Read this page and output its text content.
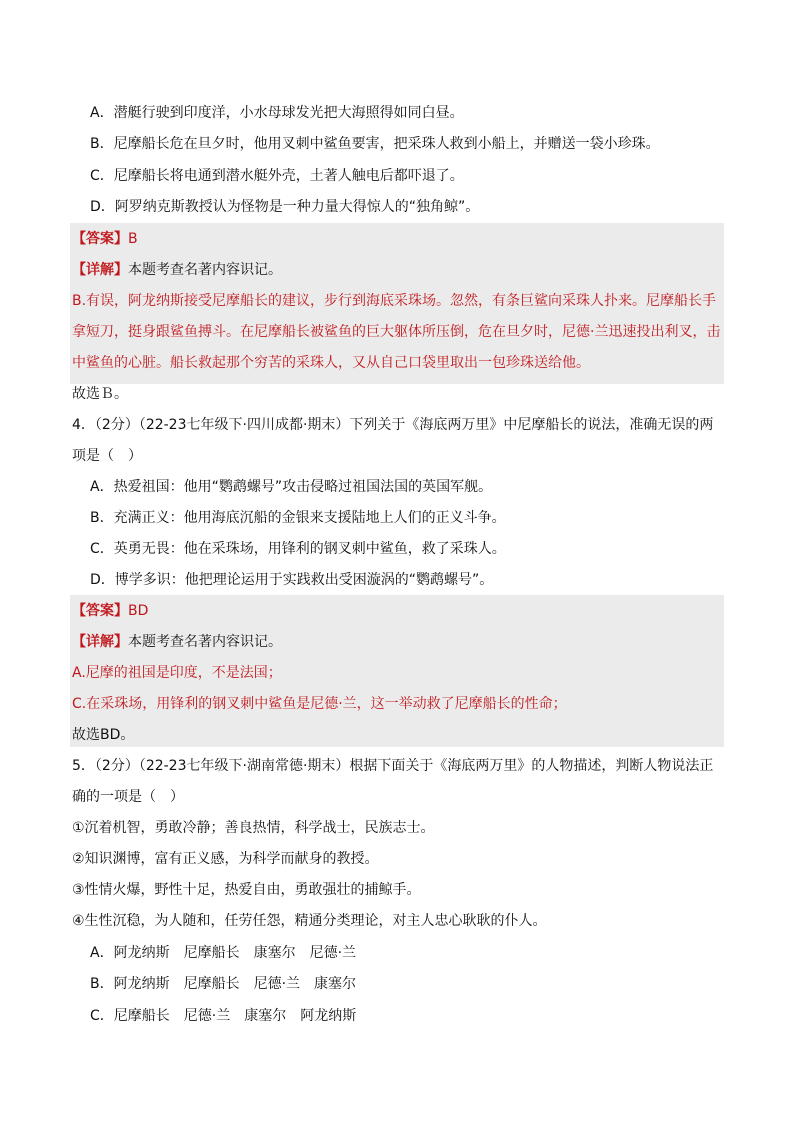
A．潜艇行驶到印度洋，小水母球发光把大海照得如同白昼。
B．尼摩船长危在旦夕时，他用叉刺中鲨鱼要害，把采珠人救到小船上，并赠送一袋小珍珠。
C．尼摩船长将电通到潜水艇外壳，土著人触电后都吓退了。
D．阿罗纳克斯教授认为怪物是一种力量大得惊人的“独角鲸”。
【答案】B
【详解】本题考查名著内容识记。
B.有误，阿龙纳斯接受尼摩船长的建议，步行到海底采珠场。忽然，有条巨鲨向采珠人扑来。尼摩船长手
拿短刀，挺身跟鲨鱼搏斗。在尼摩船长被鲨鱼的巨大躯体所压倒，危在旦夕时，尼德·兰迅速投出利叉，击
中鲨鱼的心脏。船长救起那个穷苦的采珠人，又从自己口袋里取出一包珍珠送给他。
故选Ｂ。
4．（2分）（22-23七年级下·四川成都·期末）下列关于《海底两万里》中尼摩船长的说法，准确无误的两
项是（　）
A．热爱祖国：他用“鹦鹉螺号”攻击侵略过祖国法国的英国军舰。
B．充满正义：他用海底沉船的金银来支援陆地上人们的正义斗争。
C．英勇无畏：他在采珠场，用锋利的钢叉刺中鲨鱼，救了采珠人。
D．博学多识：他把理论运用于实践救出受困漩涡的“鹦鹉螺号”。
【答案】BD
【详解】本题考查名著内容识记。
A.尼摩的祖国是印度，不是法国；
C.在采珠场，用锋利的钢叉刺中鲨鱼是尼德·兰，这一举动救了尼摩船长的性命；
故选BD。
5．（2分）（22-23七年级下·湖南常德·期末）根据下面关于《海底两万里》的人物描述，判断人物说法正
确的一项是（　）
①沉着机智，勇敢冷静；善良热情，科学战士，民族志士。
②知识渊博，富有正义感，为科学而献身的教授。
③性情火爆，野性十足，热爱自由，勇敢强壮的捕鲸手。
④生性沉稳，为人随和，任劳任怨，精通分类理论，对主人忠心耿耿的仆人。
A．阿龙纳斯　尼摩船长　康塞尔　尼德·兰
B．阿龙纳斯　尼摩船长　尼德·兰　康塞尔
C．尼摩船长　尼德·兰　康塞尔　阿龙纳斯
